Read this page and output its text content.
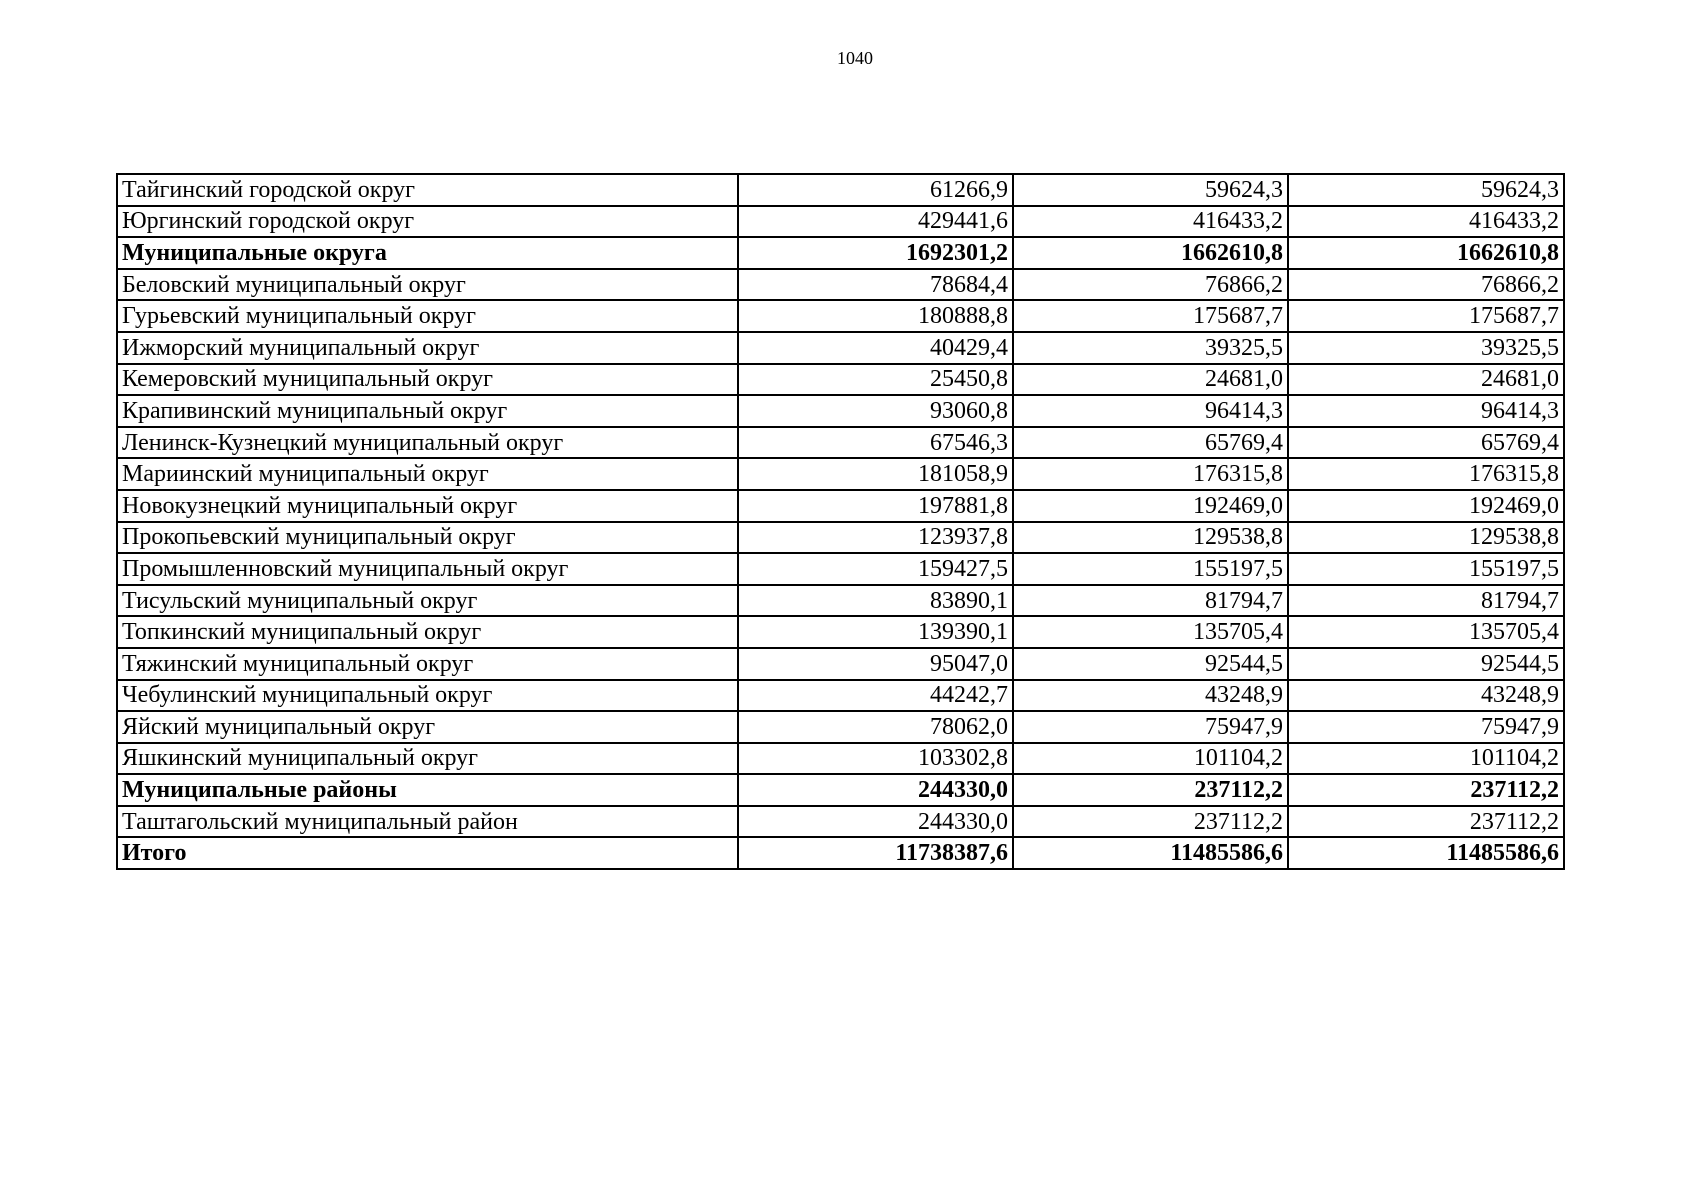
1040
Тайгинский городской округ	61266,9	59624,3	59624,3
Юргинский городской округ	429441,6	416433,2	416433,2
Муниципальные округа	1692301,2	1662610,8	1662610,8
Беловский муниципальный округ	78684,4	76866,2	76866,2
Гурьевский муниципальный округ	180888,8	175687,7	175687,7
Ижморский муниципальный округ	40429,4	39325,5	39325,5
Кемеровский муниципальный округ	25450,8	24681,0	24681,0
Крапивинский муниципальный округ	93060,8	96414,3	96414,3
Ленинск-Кузнецкий муниципальный округ	67546,3	65769,4	65769,4
Мариинский муниципальный округ	181058,9	176315,8	176315,8
Новокузнецкий муниципальный округ	197881,8	192469,0	192469,0
Прокопьевский муниципальный округ	123937,8	129538,8	129538,8
Промышленновский муниципальный округ	159427,5	155197,5	155197,5
Тисульский муниципальный округ	83890,1	81794,7	81794,7
Топкинский муниципальный округ	139390,1	135705,4	135705,4
Тяжинский муниципальный округ	95047,0	92544,5	92544,5
Чебулинский муниципальный округ	44242,7	43248,9	43248,9
Яйский муниципальный округ	78062,0	75947,9	75947,9
Яшкинский муниципальный округ	103302,8	101104,2	101104,2
Муниципальные районы	244330,0	237112,2	237112,2
Таштагольский муниципальный район	244330,0	237112,2	237112,2
Итого	11738387,6	11485586,6	11485586,6
